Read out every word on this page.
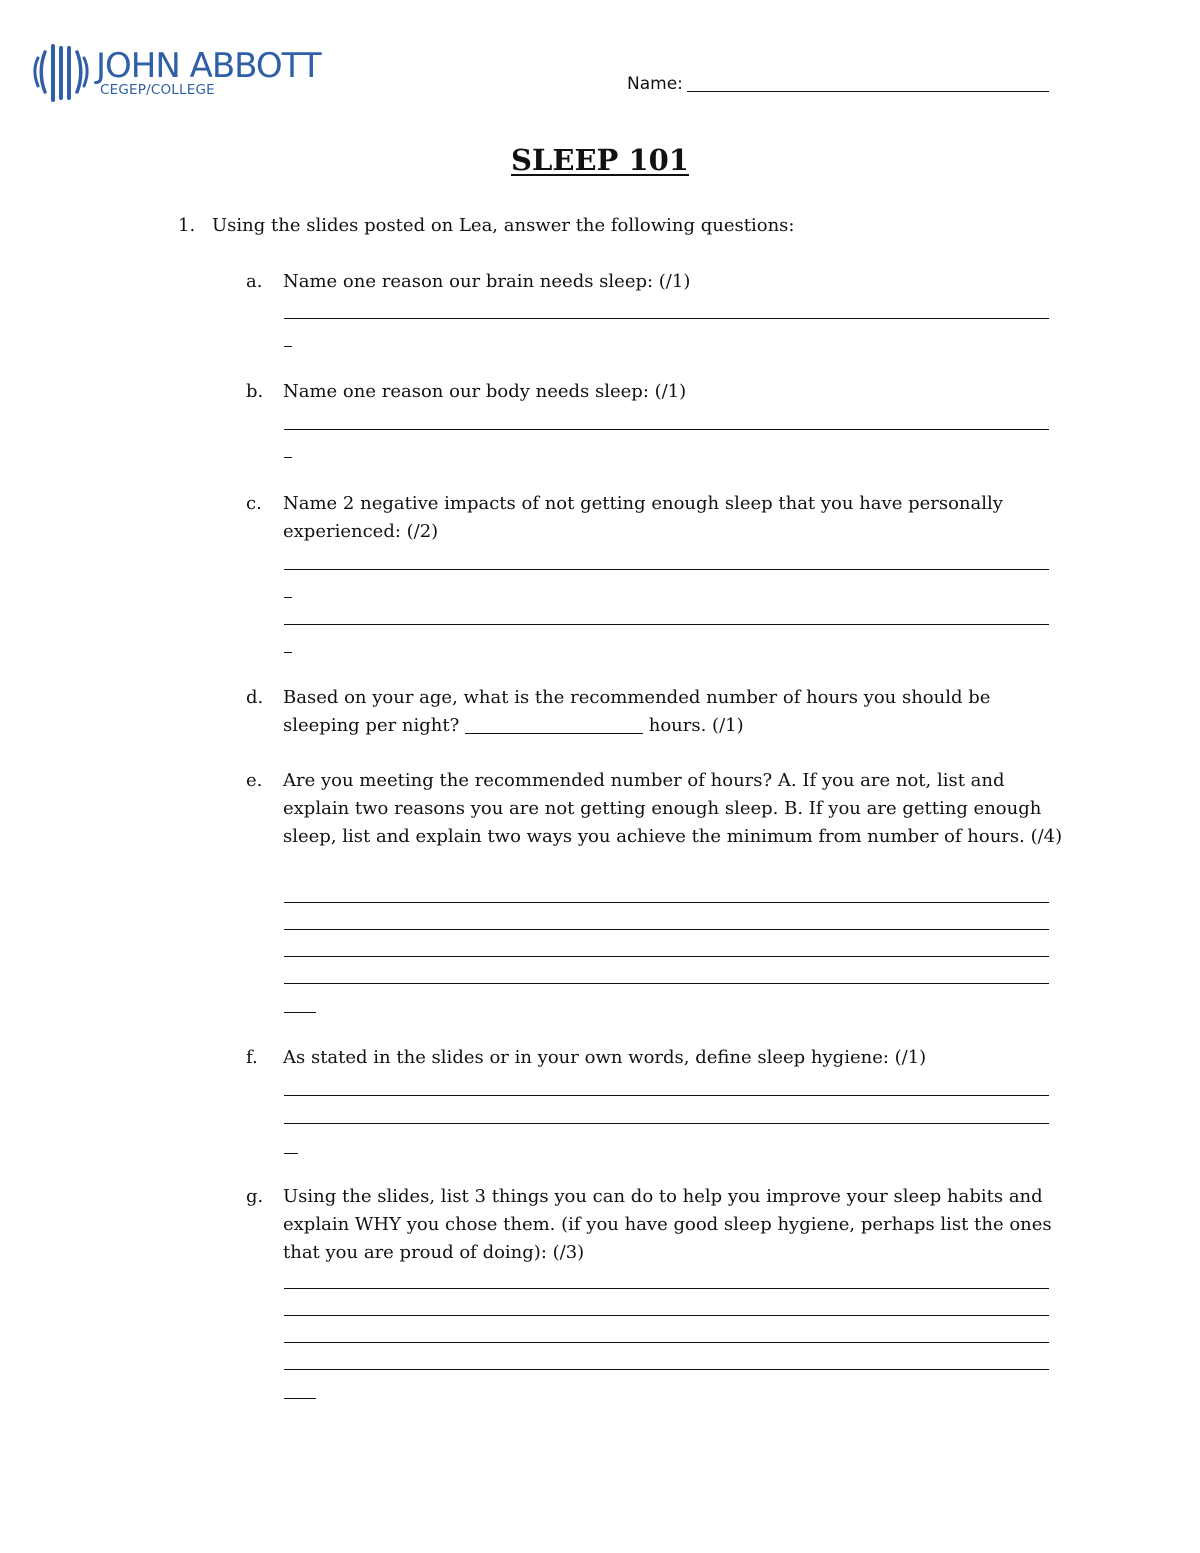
JOHN ABBOTT
CEGEP/COLLEGE	Name:
SLEEP 101
1. Using the slides posted on Lea, answer the following questions:
a. Name one reason our brain needs sleep: (/1)
b. Name one reason our body needs sleep: (/1)
c. Name 2 negative impacts of not getting enough sleep that you have personally experienced: (/2)
d. Based on your age, what is the recommended number of hours you should be sleeping per night?	hours. (/1)
e. Are you meeting the recommended number of hours? A. If you are not, list and explain two reasons you are not getting enough sleep. B. If you are getting enough sleep, list and explain two ways you achieve the minimum from number of hours. (/4)
f. As stated in the slides or in your own words, define sleep hygiene: (/1)
g. Using the slides, list 3 things you can do to help you improve your sleep habits and explain WHY you chose them. (if you have good sleep hygiene, perhaps list the ones that you are proud of doing): (/3)
